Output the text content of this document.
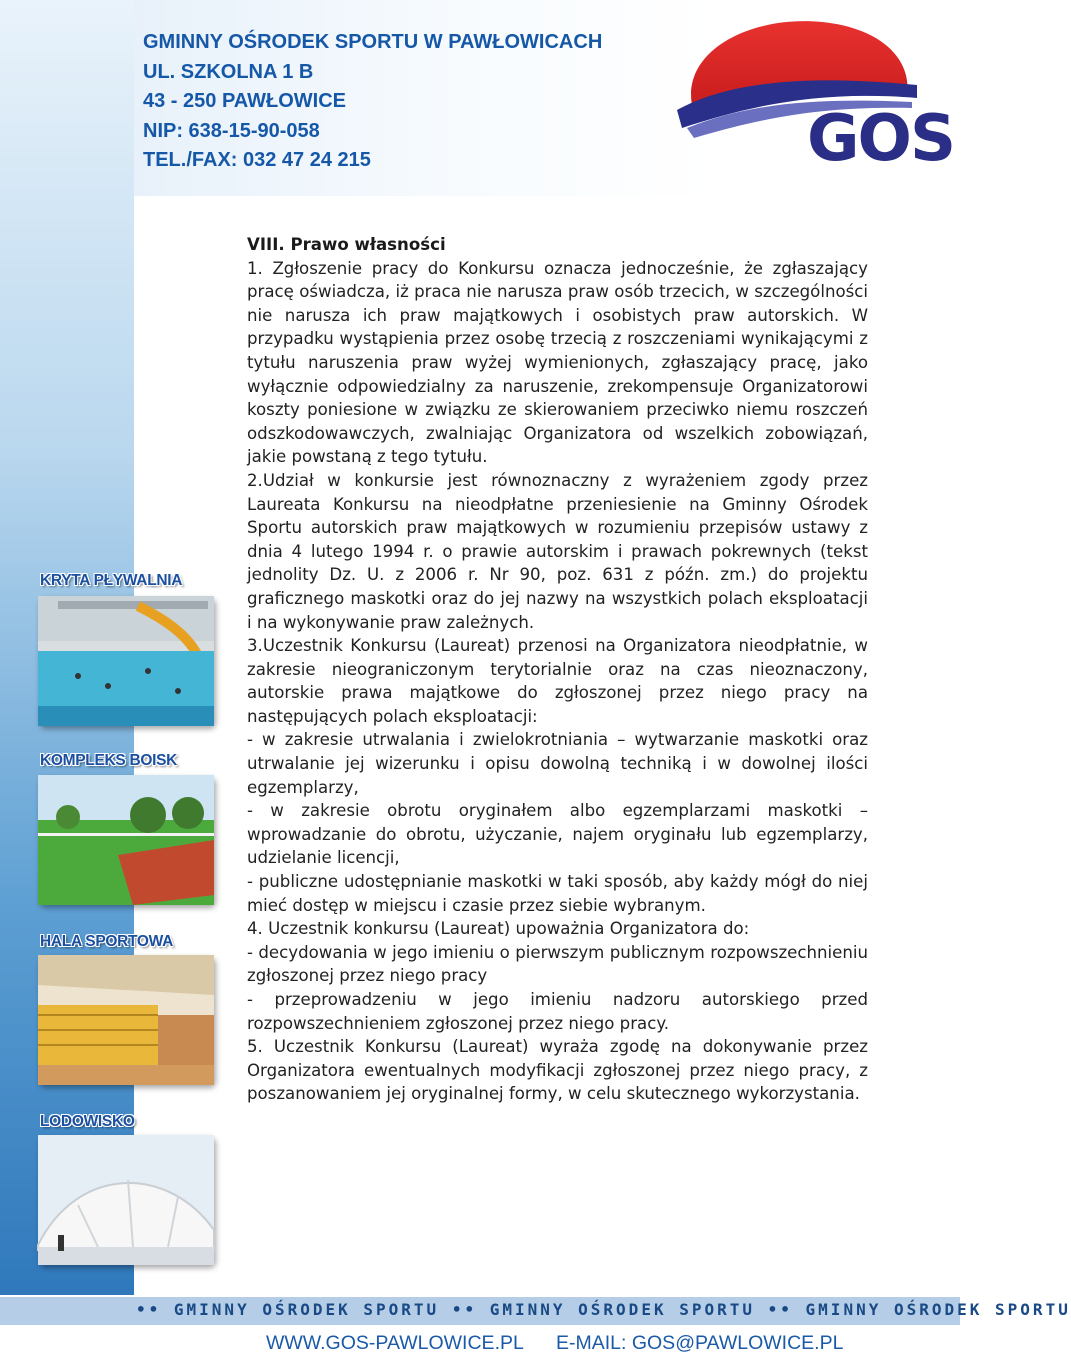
GMINNY OŚRODEK SPORTU W PAWŁOWICACH
UL. SZKOLNA 1 B
43 - 250 PAWŁOWICE
NIP: 638-15-90-058
TEL./FAX: 032 47 24 215	GOS
KRYTA PŁYWALNIA
KOMPLEKS BOISK
HALA SPORTOWA
LODOWISKO

VIII. Prawo własności

1. Zgłoszenie pracy do Konkursu oznacza jednocześnie, że zgłaszający pracę oświadcza, iż praca nie narusza praw osób trzecich, w szczególności nie narusza ich praw majątkowych i osobistych praw autorskich. W przypadku wystąpienia przez osobę trzecią z roszczeniami wynikającymi z tytułu naruszenia praw wyżej wymienionych, zgłaszający pracę, jako wyłącznie odpowiedzialny za naruszenie, zrekompensuje Organizatorowi koszty poniesione w związku ze skierowaniem przeciwko niemu roszczeń odszkodowawczych, zwalniając Organizatora od wszelkich zobowiązań, jakie powstaną z tego tytułu.

2.Udział w konkursie jest równoznaczny z wyrażeniem zgody przez Laureata Konkursu na nieodpłatne przeniesienie na Gminny Ośrodek Sportu autorskich praw majątkowych w rozumieniu przepisów ustawy z dnia 4 lutego 1994 r. o prawie autorskim i prawach pokrewnych (tekst jednolity Dz. U. z 2006 r. Nr 90, poz. 631 z późn. zm.) do projektu graficznego maskotki oraz do jej nazwy na wszystkich polach eksploatacji i na wykonywanie praw zależnych.

3.Uczestnik Konkursu (Laureat) przenosi na Organizatora nieodpłatnie, w zakresie nieograniczonym terytorialnie oraz na czas nieoznaczony, autorskie prawa majątkowe do zgłoszonej przez niego pracy na następujących polach eksploatacji:

- w zakresie utrwalania i zwielokrotniania – wytwarzanie maskotki oraz utrwalanie jej wizerunku i opisu dowolną techniką i w dowolnej ilości egzemplarzy,

- w zakresie obrotu oryginałem albo egzemplarzami maskotki – wprowadzanie do obrotu, użyczanie, najem oryginału lub egzemplarzy, udzielanie licencji,

- publiczne udostępnianie maskotki w taki sposób, aby każdy mógł do niej mieć dostęp w miejscu i czasie przez siebie wybranym.

4. Uczestnik konkursu (Laureat) upoważnia Organizatora do:

- decydowania w jego imieniu o pierwszym publicznym rozpowszechnieniu zgłoszonej przez niego pracy

- przeprowadzeniu w jego imieniu nadzoru autorskiego przed rozpowszechnieniem zgłoszonej przez niego pracy.

5. Uczestnik Konkursu (Laureat) wyraża zgodę na dokonywanie przez Organizatora ewentualnych modyfikacji zgłoszonej przez niego pracy, z poszanowaniem jej oryginalnej formy, w celu skutecznego wykorzystania.

•• GMINNY OŚRODEK SPORTU •• GMINNY OŚRODEK SPORTU •• GMINNY OŚRODEK SPORTU
WWW.GOS-PAWLOWICE.PL E-MAIL: GOS@PAWLOWICE.PL
